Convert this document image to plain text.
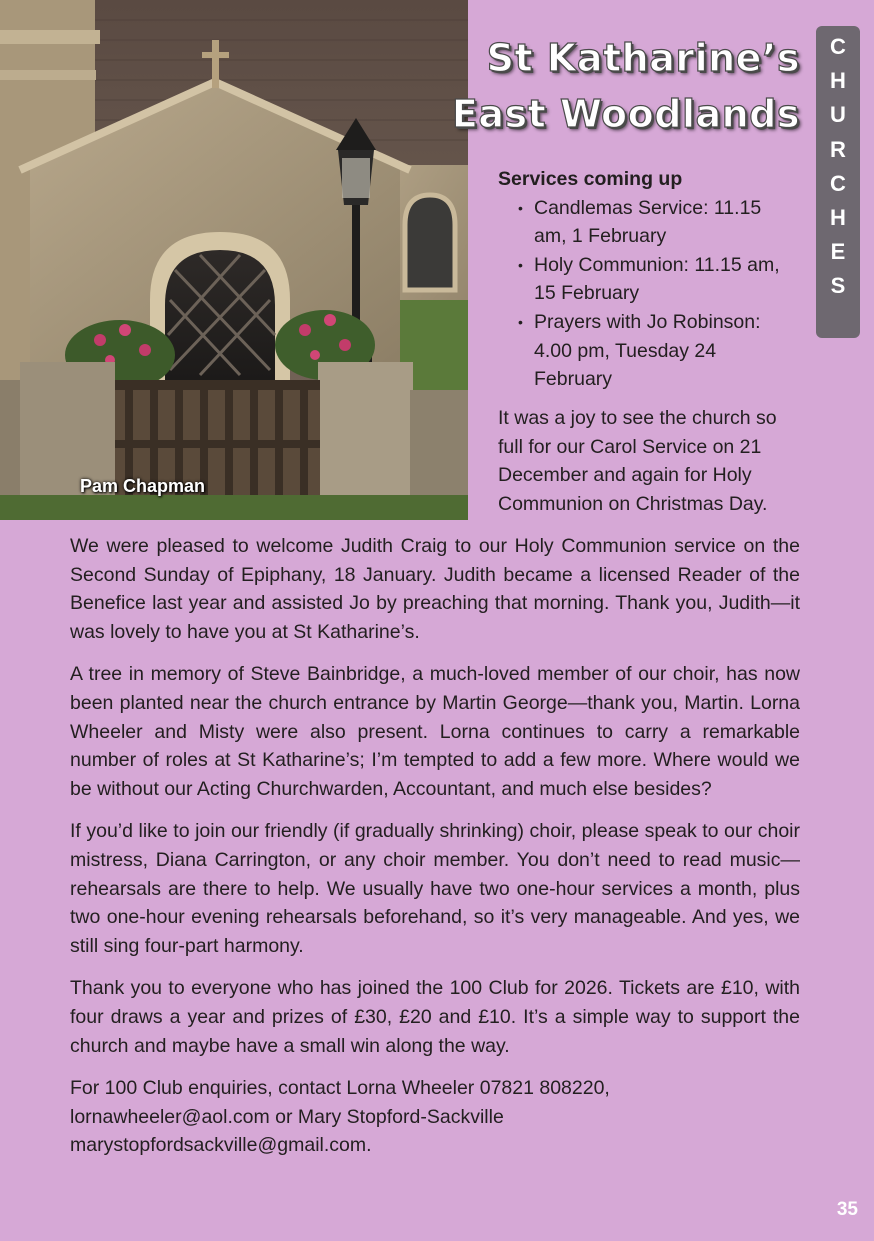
Pam Chapman
St Katharine’s
East Woodlands
C
H
U
R
C
H
E
S

Services coming up

• Candlemas Service: 11.15 am, 1 February
• Holy Communion: 11.15 am, 15 February
• Prayers with Jo Robinson: 4.00 pm, Tuesday 24 February

It was a joy to see the church so full for our Carol Service on 21 December and again for Holy Communion on Christmas Day.

We were pleased to welcome Judith Craig to our Holy Communion service on the Second Sunday of Epiphany, 18 January. Judith became a licensed Reader of the Benefice last year and assisted Jo by preaching that morning. Thank you, Judith—it was lovely to have you at St Katharine’s.

A tree in memory of Steve Bainbridge, a much-loved member of our choir, has now been planted near the church entrance by Martin George—thank you, Martin. Lorna Wheeler and Misty were also present. Lorna continues to carry a remarkable number of roles at St Katharine’s; I’m tempted to add a few more. Where would we be without our Acting Churchwarden, Accountant, and much else besides?

If you’d like to join our friendly (if gradually shrinking) choir, please speak to our choir mistress, Diana Carrington, or any choir member. You don’t need to read music—rehearsals are there to help. We usually have two one-hour services a month, plus two one-hour evening rehearsals beforehand, so it’s very manageable. And yes, we still sing four-part harmony.

Thank you to everyone who has joined the 100 Club for 2026. Tickets are £10, with four draws a year and prizes of £30, £20 and £10. It’s a simple way to support the church and maybe have a small win along the way.

For 100 Club enquiries, contact Lorna Wheeler 07821 808220,
lornawheeler@aol.com or Mary Stopford-Sackville
marystopfordsackville@gmail.com.

35
